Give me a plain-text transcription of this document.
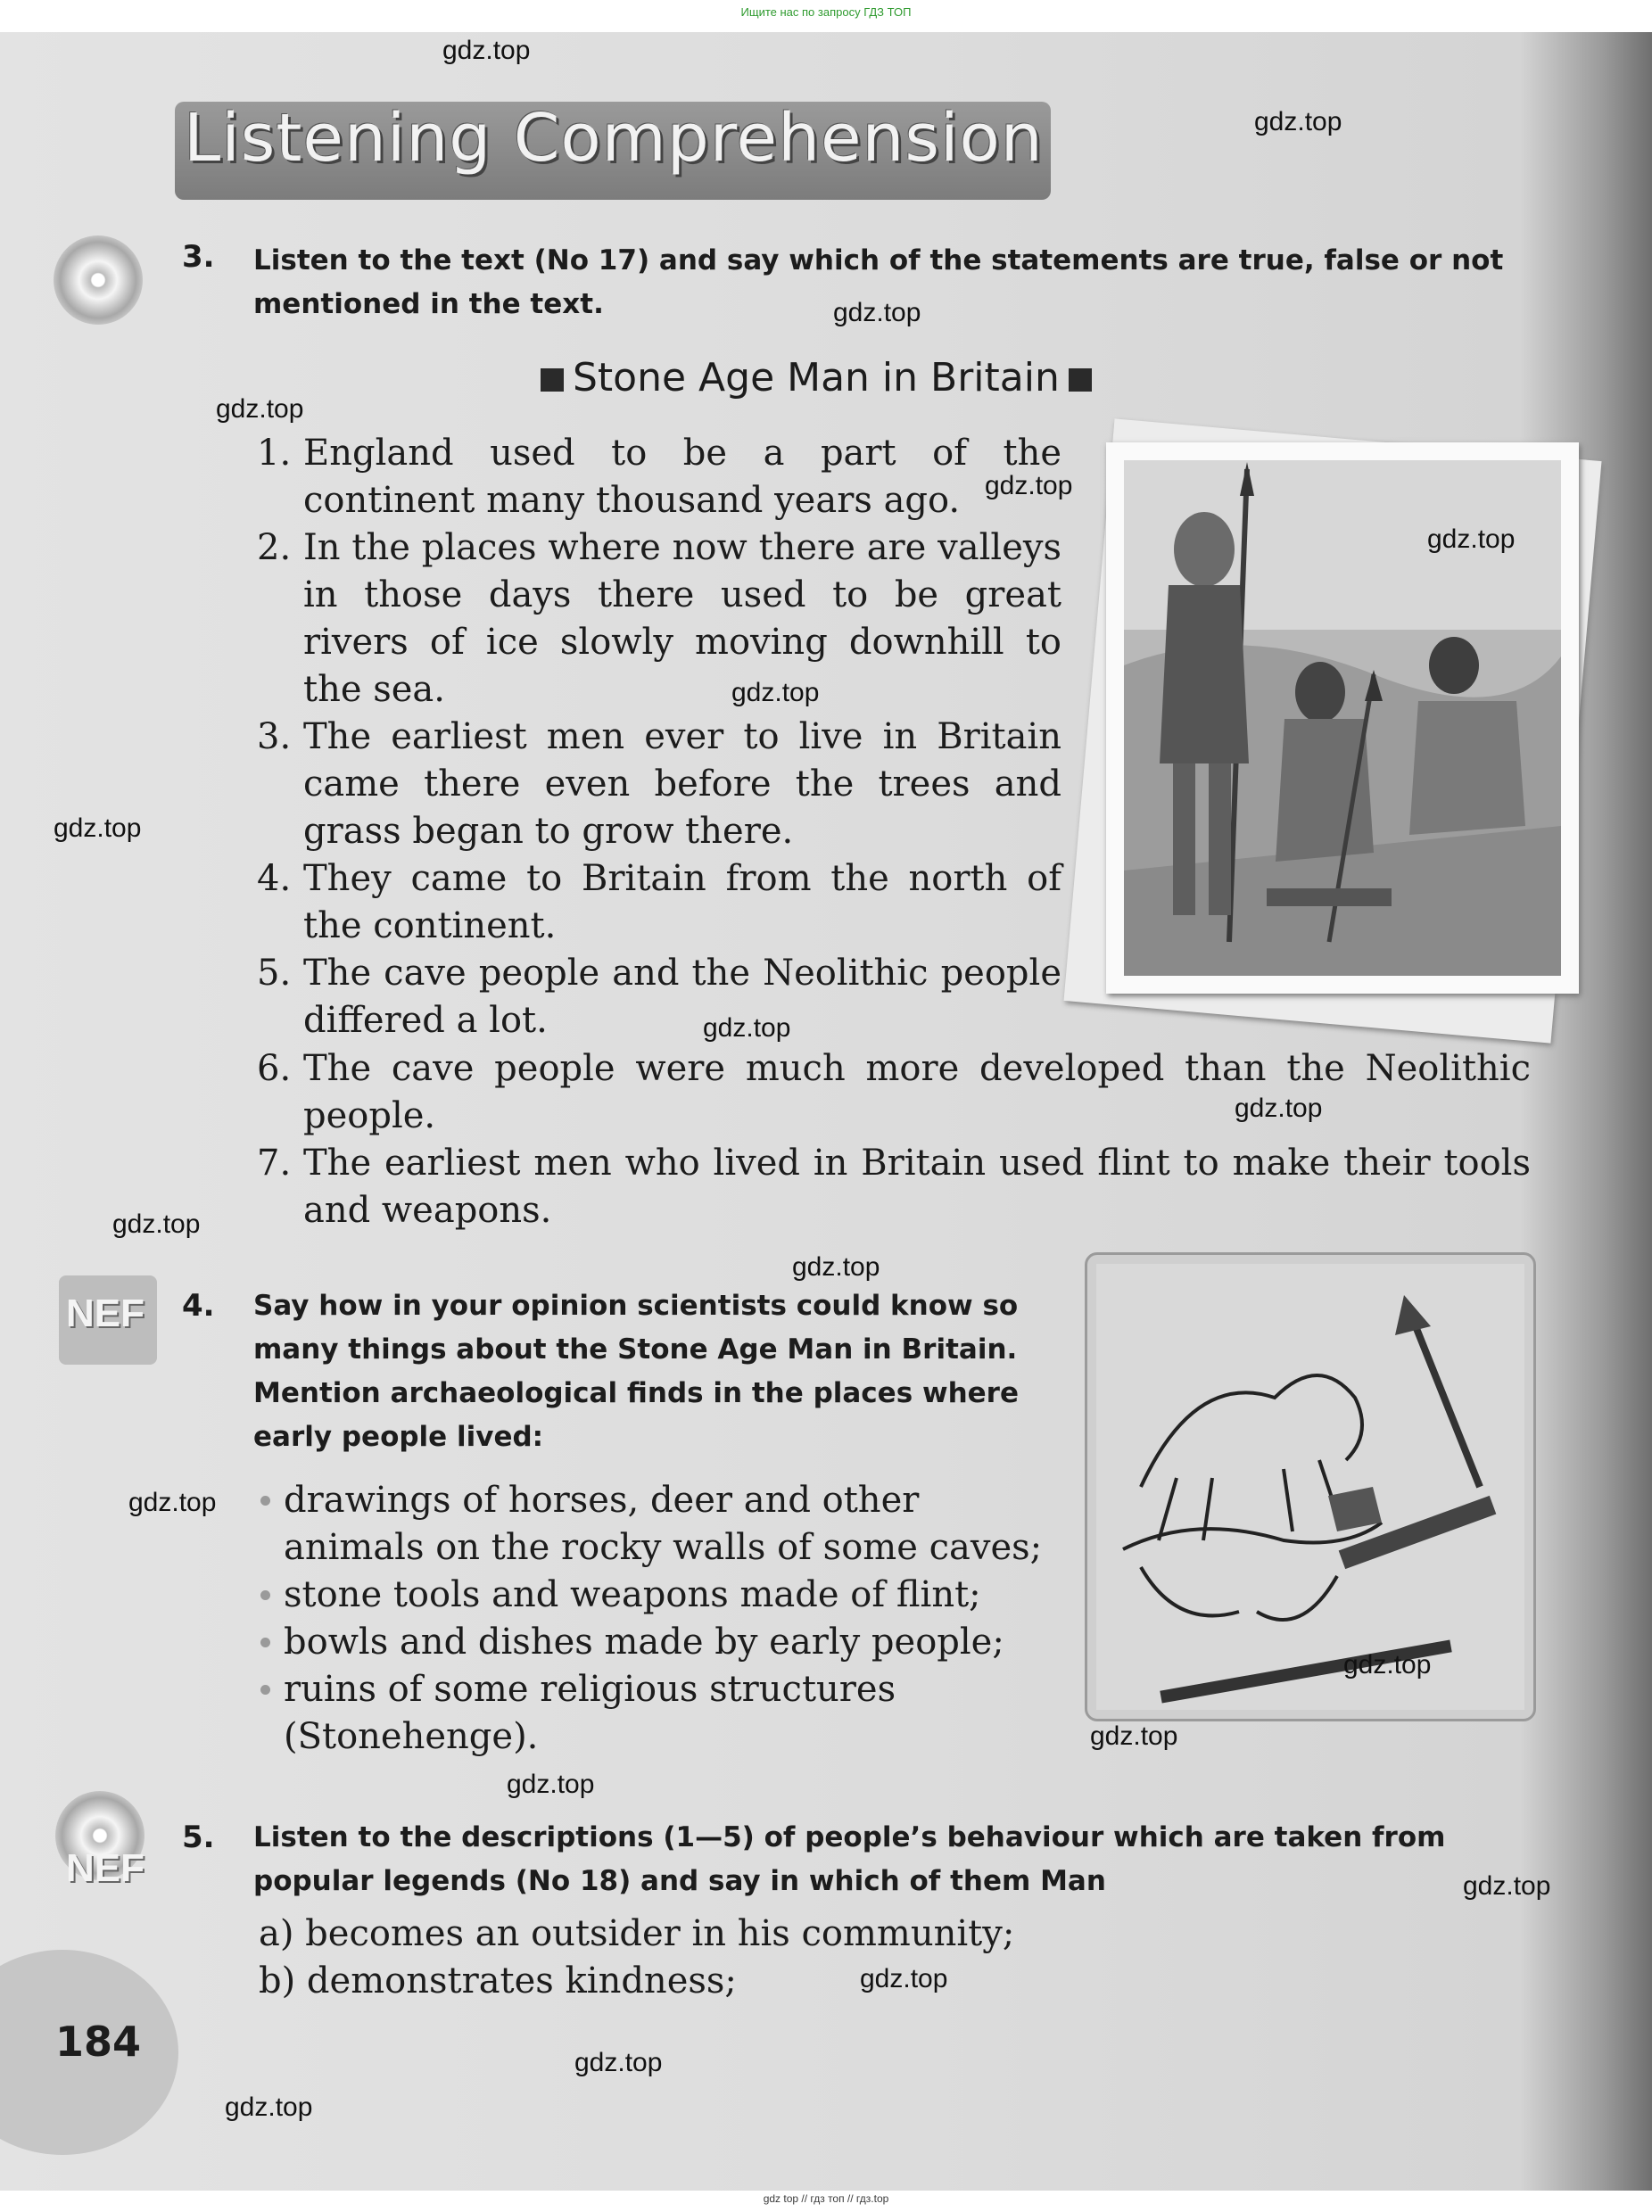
Ищите нас по запросу ГДЗ ТОП
Listening Comprehension
3. Listen to the text (No 17) and say which of the statements are true, false or not mentioned in the text.
Stone Age Man in Britain
1. England used to be a part of the continent many thousand years ago.
2. In the places where now there are valleys in those days there used to be great rivers of ice slowly moving downhill to the sea.
3. The earliest men ever to live in Britain came there even before the trees and grass began to grow there.
4. They came to Britain from the north of the continent.
5. The cave people and the Neolithic people differed a lot.
6. The cave people were much more developed than the Neolithic people.
7. The earliest men who lived in Britain used flint to make their tools and weapons.
NEF 4. Say how in your opinion scientists could know so many things about the Stone Age Man in Britain. Mention archaeological finds in the places where early people lived:
drawings of horses, deer and other animals on the rocky walls of some caves;
stone tools and weapons made of flint;
bowls and dishes made by early people;
ruins of some religious structures (Stonehenge).
NEF
5. Listen to the descriptions (1—5) of people’s behaviour which are taken from popular legends (No 18) and say in which of them Man
a) becomes an outsider in his community;
b) demonstrates kindness;
184
gdz.top
gdz.top
gdz.top
gdz.top
gdz.top
gdz.top
gdz.top
gdz.top
gdz.top
gdz.top
gdz.top
gdz.top
gdz.top
gdz.top
gdz.top
gdz.top
gdz.top
gdz.top
gdz.top
gdz.top
gdz top // гдз топ // гдз.top
